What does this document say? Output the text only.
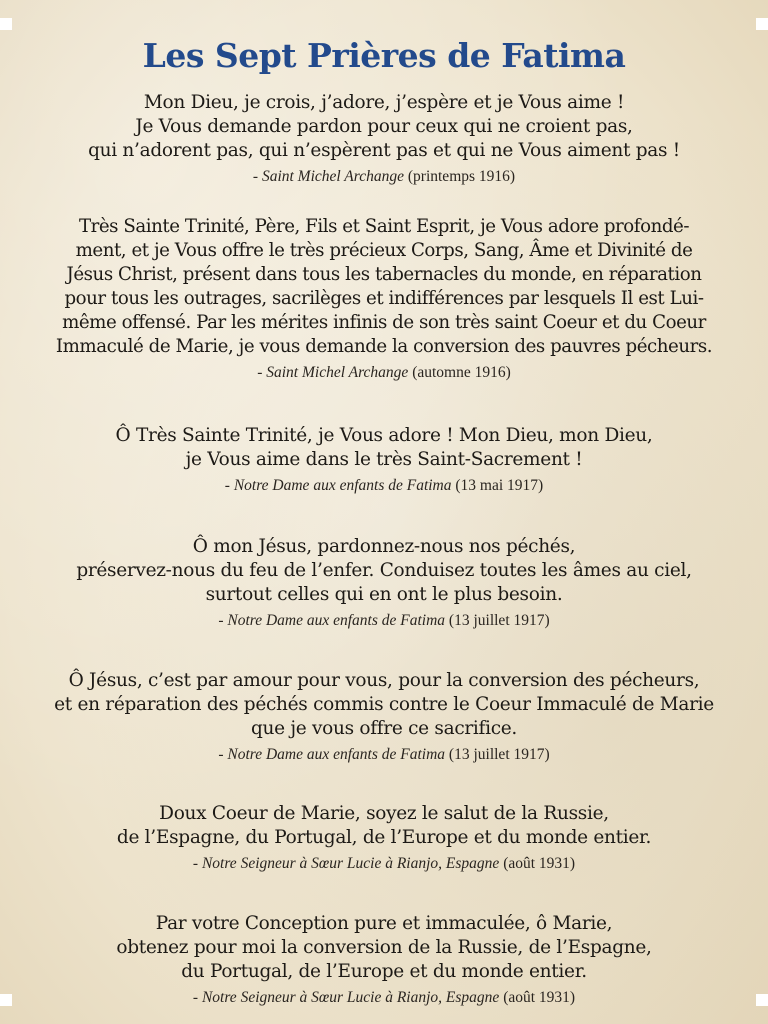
Les Sept Prières de Fatima

Mon Dieu, je crois, j’adore, j’espère et je Vous aime !
Je Vous demande pardon pour ceux qui ne croient pas,
qui n’adorent pas, qui n’espèrent pas et qui ne Vous aiment pas !

- Saint Michel Archange (printemps 1916)

Très Sainte Trinité, Père, Fils et Saint Esprit, je Vous adore profondé-
ment, et je Vous offre le très précieux Corps, Sang, Âme et Divinité de
Jésus Christ, présent dans tous les tabernacles du monde, en réparation
pour tous les outrages, sacrilèges et indifférences par lesquels Il est Lui-
même offensé. Par les mérites infinis de son très saint Coeur et du Coeur
Immaculé de Marie, je vous demande la conversion des pauvres pécheurs.

- Saint Michel Archange (automne 1916)

Ô Très Sainte Trinité, je Vous adore ! Mon Dieu, mon Dieu,
je Vous aime dans le très Saint-Sacrement !

- Notre Dame aux enfants de Fatima (13 mai 1917)

Ô mon Jésus, pardonnez-nous nos péchés,
préservez-nous du feu de l’enfer. Conduisez toutes les âmes au ciel,
surtout celles qui en ont le plus besoin.

- Notre Dame aux enfants de Fatima (13 juillet 1917)

Ô Jésus, c’est par amour pour vous, pour la conversion des pécheurs,
et en réparation des péchés commis contre le Coeur Immaculé de Marie
que je vous offre ce sacrifice.

- Notre Dame aux enfants de Fatima (13 juillet 1917)

Doux Coeur de Marie, soyez le salut de la Russie,
de l’Espagne, du Portugal, de l’Europe et du monde entier.

- Notre Seigneur à Sœur Lucie à Rianjo, Espagne (août 1931)

Par votre Conception pure et immaculée, ô Marie,
obtenez pour moi la conversion de la Russie, de l’Espagne,
du Portugal, de l’Europe et du monde entier.

- Notre Seigneur à Sœur Lucie à Rianjo, Espagne (août 1931)
